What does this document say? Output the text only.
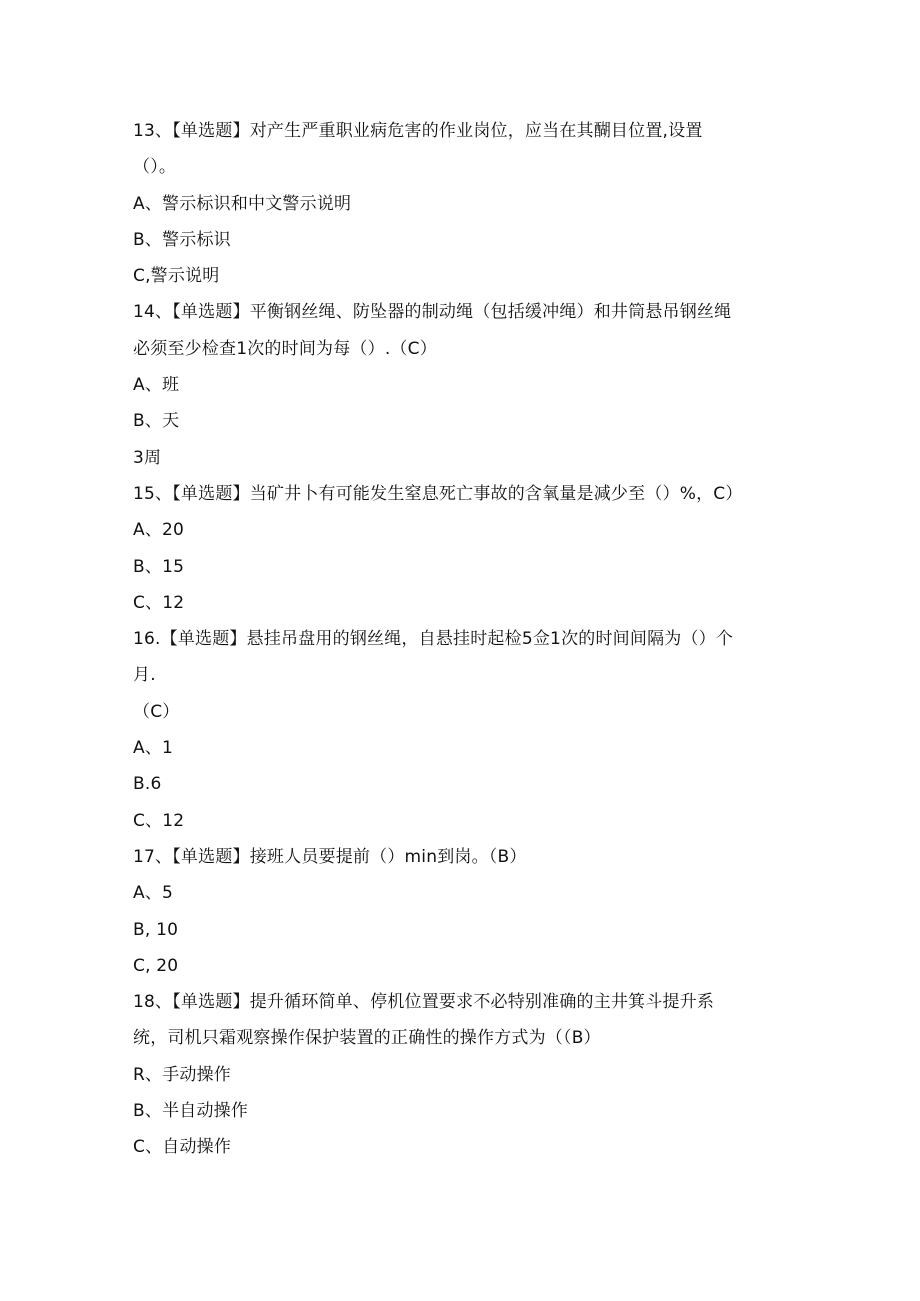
13、【单选题】对产生严重职业病危害的作业岗位，应当在其醐目位置,设置
（）。
A、警示标识和中文警示说明
B、警示标识
C,警示说明
14、【单选题】平衡钢丝绳、防坠器的制动绳（包括缓冲绳）和井筒悬吊钢丝绳
必须至少检查1次的时间为每（）.（C）
A、班
B、天
3周
15、【单选题】当矿井卜有可能发生窒息死亡事故的含氧量是减少至（）%，C）
A、20
B、15
C、12
16.【单选题】悬挂吊盘用的钢丝绳，自悬挂时起检5佥1次的时间间隔为（）个
月.
（C）
A、1
B.6
C、12
17、【单选题】接班人员要提前（）min到岗。（B）
A、5
B, 10
C, 20
18、【单选题】提升循环简单、停机位置要求不必特别准确的主井箕斗提升系
统，司机只霜观察操作保护装置的正确性的操作方式为（（B）
R、手动操作
B、半自动操作
C、自动操作
